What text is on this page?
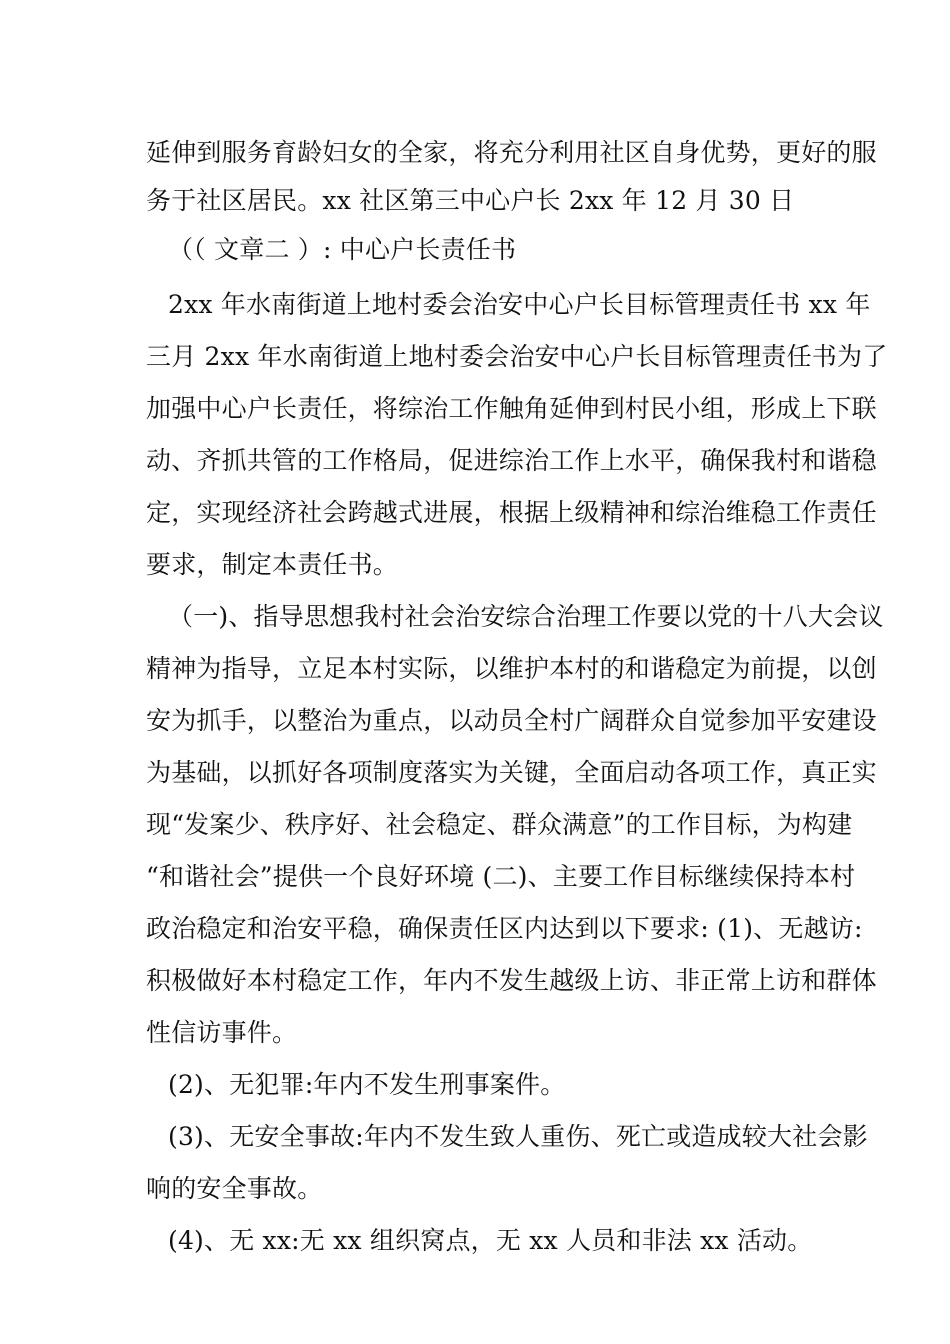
延伸到服务育龄妇女的全家，将充分利用社区自身优势，更好的服
务于社区居民。xx 社区第三中心户长 2xx 年 12 月 30 日
（（ 文章二 ）: 中心户长责任书
2xx 年水南街道上地村委会治安中心户长目标管理责任书 xx 年
三月 2xx 年水南街道上地村委会治安中心户长目标管理责任书为了
加强中心户长责任，将综治工作触角延伸到村民小组，形成上下联
动、齐抓共管的工作格局，促进综治工作上水平，确保我村和谐稳
定，实现经济社会跨越式进展，根据上级精神和综治维稳工作责任
要求，制定本责任书。
（一)、指导思想我村社会治安综合治理工作要以党的十八大会议
精神为指导，立足本村实际，以维护本村的和谐稳定为前提，以创
安为抓手，以整治为重点，以动员全村广阔群众自觉参加平安建设
为基础，以抓好各项制度落实为关键，全面启动各项工作，真正实
现“发案少、秩序好、社会稳定、群众满意”的工作目标，为构建
“和谐社会”提供一个良好环境 (二)、主要工作目标继续保持本村
政治稳定和治安平稳，确保责任区内达到以下要求: (1)、无越访:
积极做好本村稳定工作，年内不发生越级上访、非正常上访和群体
性信访事件。
(2)、无犯罪:年内不发生刑事案件。
(3)、无安全事故:年内不发生致人重伤、死亡或造成较大社会影
响的安全事故。
(4)、无 xx:无 xx 组织窝点，无 xx 人员和非法 xx 活动。
